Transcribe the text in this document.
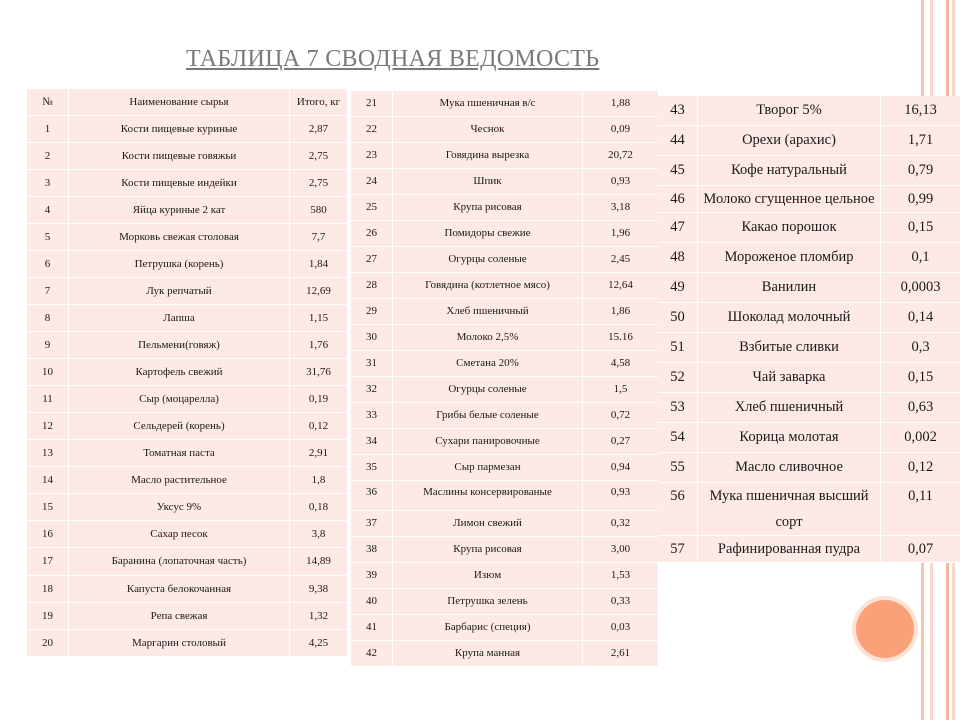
ТАБЛИЦА 7 СВОДНАЯ ВЕДОМОСТЬ
№	Наименование сырья	Итого, кг
1	Кости пищевые куриные	2,87
2	Кости пищевые говяжьи	2,75
3	Кости пищевые индейки	2,75
4	Яйца куриные 2 кат	580
5	Морковь свежая столовая	7,7
6	Петрушка (корень)	1,84
7	Лук репчатый	12,69
8	Лапша	1,15
9	Пельмени(говяж)	1,76
10	Картофель свежий	31,76
11	Сыр (моцарелла)	0,19
12	Сельдерей (корень)	0,12
13	Томатная паста	2,91
14	Масло растительное	1,8
15	Уксус 9%	0,18
16	Сахар песок	3,8
17	Баранина (лопаточная часть)	14,89
18	Капуста белокочанная	9,38
19	Репа свежая	1,32
20	Маргарин столовый	4,25
21	Мука пшеничная в/с	1,88
22	Чеснок	0,09
23	Говядина вырезка	20,72
24	Шпик	0,93
25	Крупа рисовая	3,18
26	Помидоры свежие	1,96
27	Огурцы соленые	2,45
28	Говядина (котлетное мясо)	12,64
29	Хлеб пшеничный	1,86
30	Молоко 2,5%	15.16
31	Сметана 20%	4,58
32	Огурцы соленые	1,5
33	Грибы белые соленые	0,72
34	Сухари панировочные	0,27
35	Сыр пармезан	0,94
36	Маслины консервированые	0,93
37	Лимон свежий	0,32
38	Крупа рисовая	3,00
39	Изюм	1,53
40	Петрушка зелень	0,33
41	Барбарис (специя)	0,03
42	Крупа манная	2,61
43	Творог 5%	16,13
44	Орехи (арахис)	1,71
45	Кофе натуральный	0,79
46	Молоко сгущенное цельное	0,99
47	Какао порошок	0,15
48	Мороженое пломбир	0,1
49	Ванилин	0,0003
50	Шоколад молочный	0,14
51	Взбитые сливки	0,3
52	Чай заварка	0,15
53	Хлеб пшеничный	0,63
54	Корица молотая	0,002
55	Масло сливочное	0,12
56	Мука пшеничная высший сорт	0,11
57	Рафинированная пудра	0,07
